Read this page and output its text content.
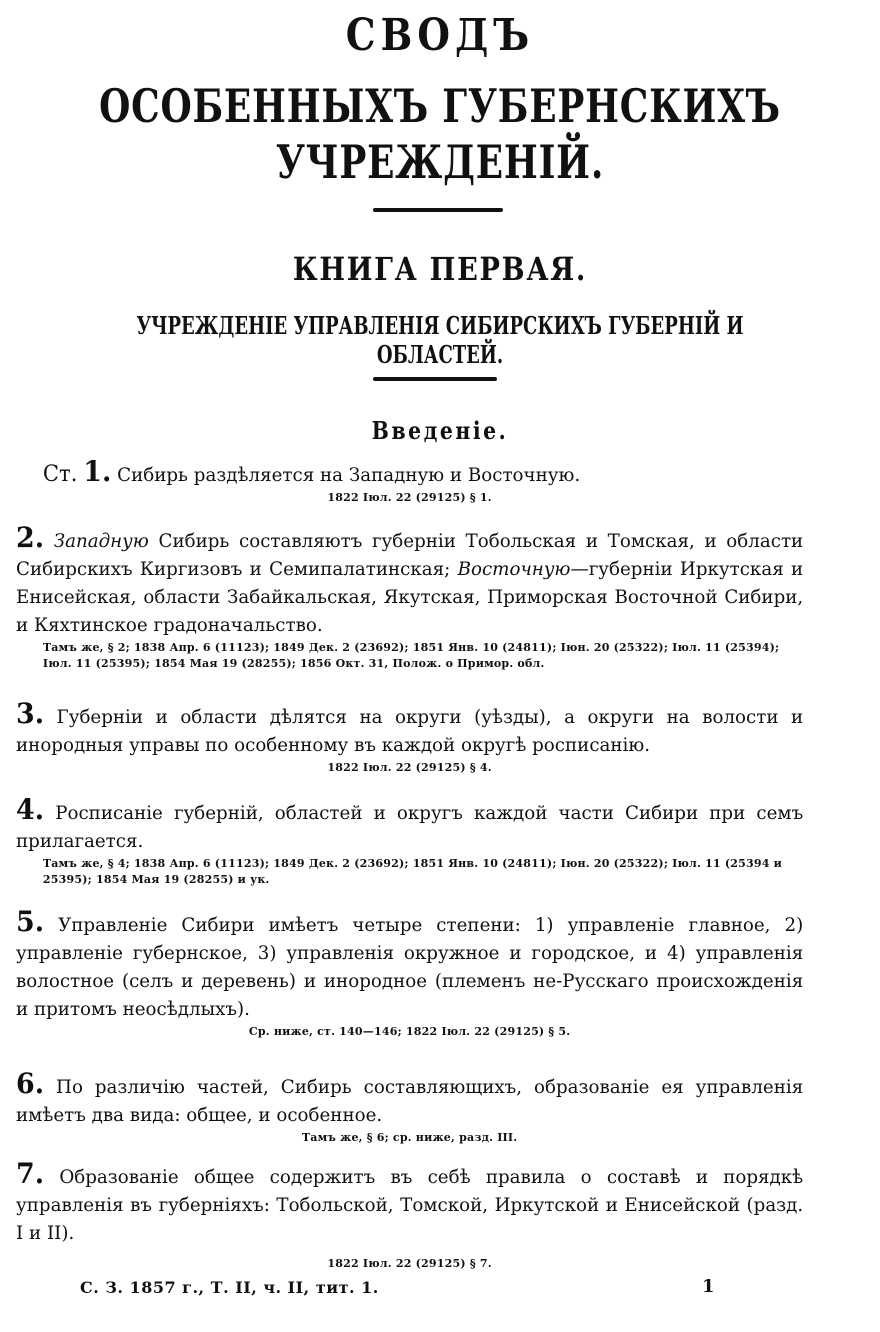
СВОДЪ
ОСОБЕННЫХЪ ГУБЕРНСКИХЪ
УЧРЕЖДЕНІЙ.
КНИГА ПЕРВАЯ.
УЧРЕЖДЕНІЕ УПРАВЛЕНІЯ СИБИРСКИХЪ ГУБЕРНІЙ И ОБЛАСТЕЙ.
Введеніе.
Ст. 1. Сибирь раздѣляется на Западную и Восточную.
1822 Іюл. 22 (29125) § 1.
2. Западную Сибирь составляютъ губерніи Тобольская и Томская, и области Сибирскихъ Киргизовъ и Семипалатинская; Восточную—губерніи Иркутская и Енисейская, области Забайкальская, Якутская, Приморская Восточной Сибири, и Кяхтинское градоначальство.
Тамъ же, § 2; 1838 Апр. 6 (11123); 1849 Дек. 2 (23692); 1851 Янв. 10 (24811); Іюн. 20 (25322); Іюл. 11 (25394); Іюл. 11 (25395); 1854 Мая 19 (28255); 1856 Окт. 31, Полож. о Примор. обл.
3. Губерніи и области дѣлятся на округи (уѣзды), а округи на волости и инородныя управы по особенному въ каждой округѣ росписанію.
1822 Іюл. 22 (29125) § 4.
4. Росписаніе губерній, областей и округъ каждой части Сибири при семъ прилагается.
Тамъ же, § 4; 1838 Апр. 6 (11123); 1849 Дек. 2 (23692); 1851 Янв. 10 (24811); Іюн. 20 (25322); Іюл. 11 (25394 и 25395); 1854 Мая 19 (28255) и ук.
5. Управленіе Сибири имѣетъ четыре степени: 1) управленіе главное, 2) управленіе губернское, 3) управленія окружное и городское, и 4) управленія волостное (селъ и деревень) и инородное (племенъ не-Русскаго происхожденія и притомъ неосѣдлыхъ).
Ср. ниже, ст. 140—146; 1822 Іюл. 22 (29125) § 5.
6. По различію частей, Сибирь составляющихъ, образованіе ея управленія имѣетъ два вида: общее, и особенное.
Тамъ же, § 6; ср. ниже, разд. III.
7. Образованіе общее содержитъ въ себѣ правила о составѣ и порядкѣ управленія въ губерніяхъ: Тобольской, Томской, Иркутской и Енисейской (разд. I и II).
1822 Іюл. 22 (29125) § 7.
С. З. 1857 г., Т. II, ч. II, тит. 1.	1
